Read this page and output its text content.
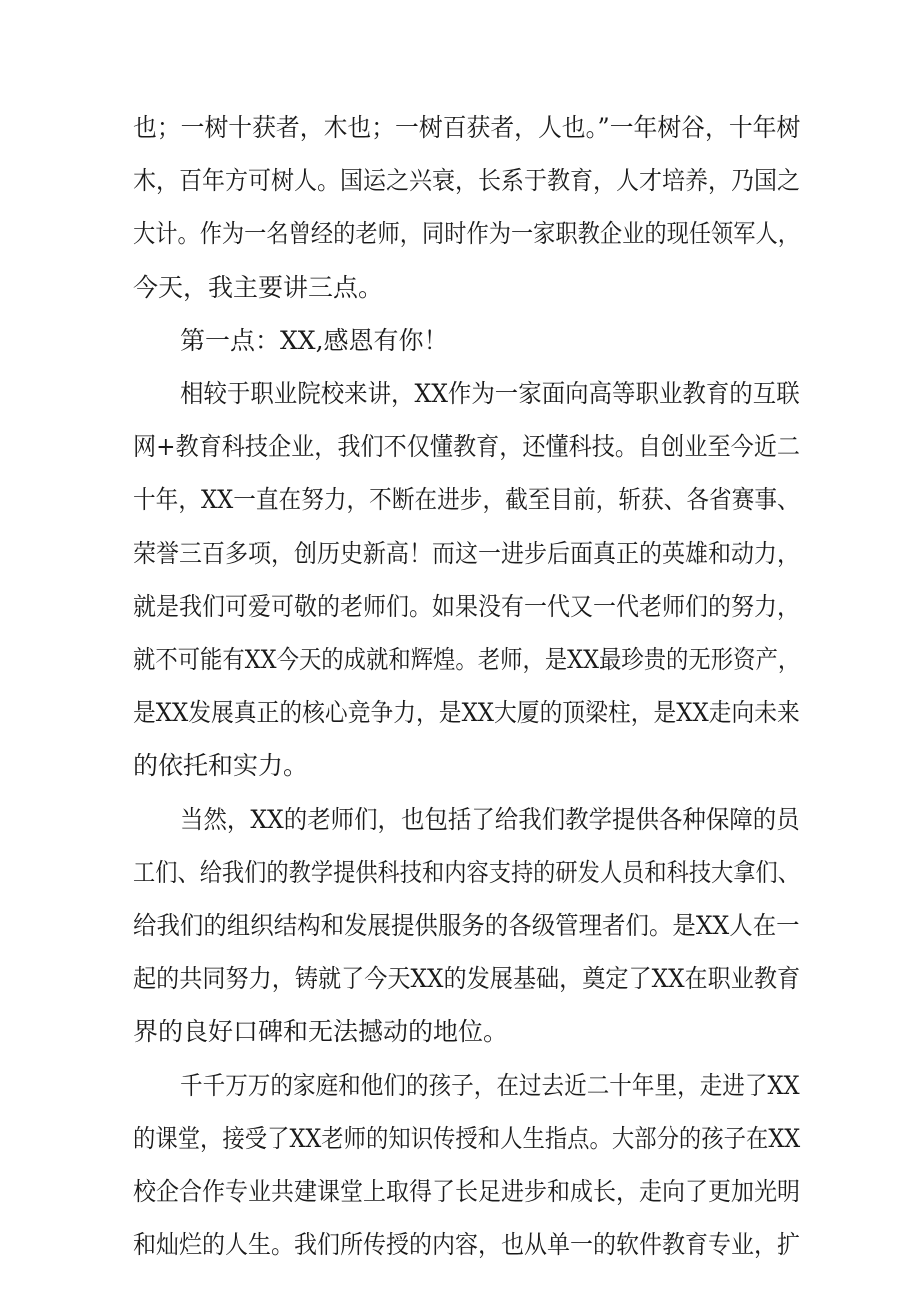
也；一树十获者，木也；一树百获者，人也。”一年树谷，十年树
木，百年方可树人。国运之兴衰，长系于教育，人才培养，乃国之
大计。作为一名曾经的老师，同时作为一家职教企业的现任领军人，
今天，我主要讲三点。
第一点：XX,感恩有你！
相较于职业院校来讲，XX作为一家面向高等职业教育的互联
网+教育科技企业，我们不仅懂教育，还懂科技。自创业至今近二
十年，XX一直在努力，不断在进步，截至目前，斩获、各省赛事、
荣誉三百多项，创历史新高！而这一进步后面真正的英雄和动力，
就是我们可爱可敬的老师们。如果没有一代又一代老师们的努力，
就不可能有XX今天的成就和辉煌。老师，是XX最珍贵的无形资产，
是XX发展真正的核心竞争力，是XX大厦的顶梁柱，是XX走向未来
的依托和实力。
当然，XX的老师们，也包括了给我们教学提供各种保障的员
工们、给我们的教学提供科技和内容支持的研发人员和科技大拿们、
给我们的组织结构和发展提供服务的各级管理者们。是XX人在一
起的共同努力，铸就了今天XX的发展基础，奠定了XX在职业教育
界的良好口碑和无法撼动的地位。
千千万万的家庭和他们的孩子，在过去近二十年里，走进了XX
的课堂，接受了XX老师的知识传授和人生指点。大部分的孩子在XX
校企合作专业共建课堂上取得了长足进步和成长，走向了更加光明
和灿烂的人生。我们所传授的内容，也从单一的软件教育专业，扩
